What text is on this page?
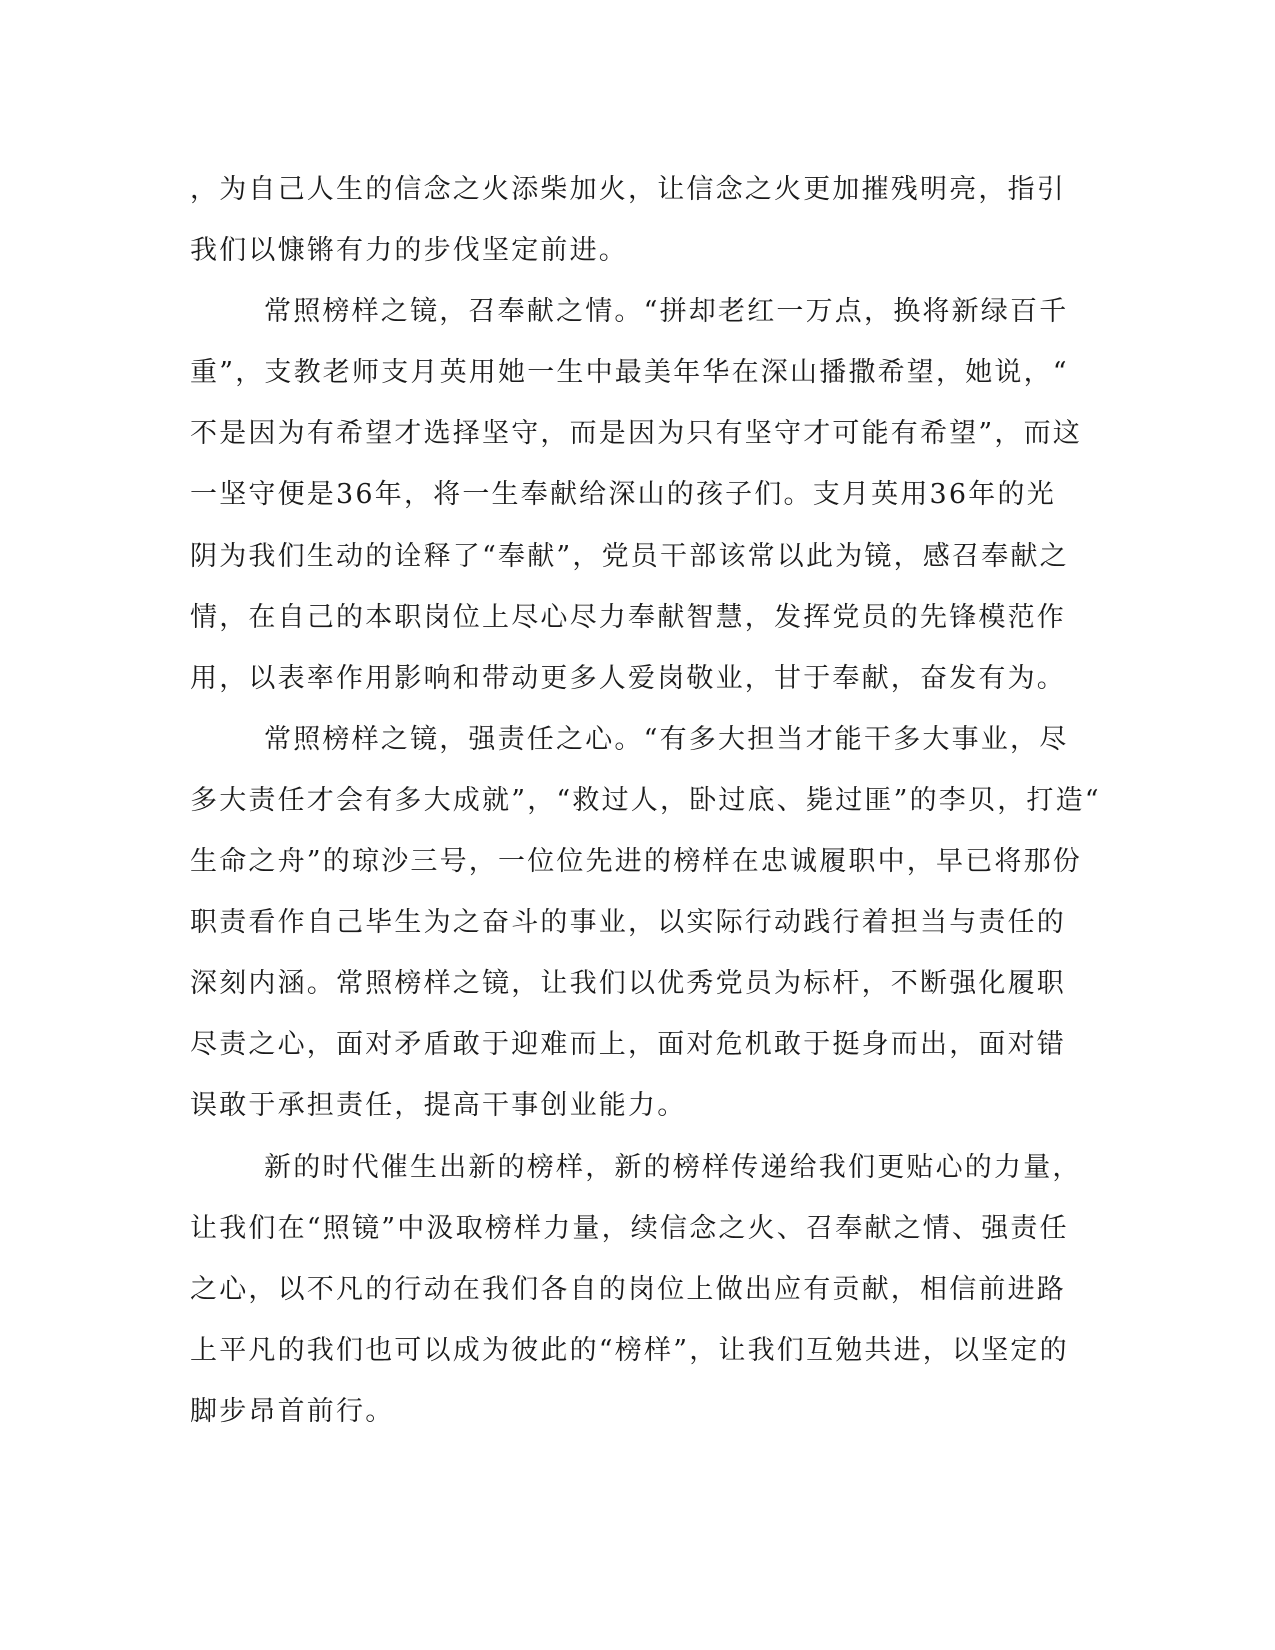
，为自己人生的信念之火添柴加火，让信念之火更加摧残明亮，指引
我们以慷锵有力的步伐坚定前进。
常照榜样之镜，召奉献之情。“拼却老红一万点，换将新绿百千
重”，支教老师支月英用她一生中最美年华在深山播撒希望，她说，“
不是因为有希望才选择坚守，而是因为只有坚守才可能有希望”，而这
一坚守便是36年，将一生奉献给深山的孩子们。支月英用36年的光
阴为我们生动的诠释了“奉献”，党员干部该常以此为镜，感召奉献之
情，在自己的本职岗位上尽心尽力奉献智慧，发挥党员的先锋模范作
用，以表率作用影响和带动更多人爱岗敬业，甘于奉献，奋发有为。
常照榜样之镜，强责任之心。“有多大担当才能干多大事业，尽
多大责任才会有多大成就”，“救过人，卧过底、毙过匪”的李贝，打造“
生命之舟”的琼沙三号，一位位先进的榜样在忠诚履职中，早已将那份
职责看作自己毕生为之奋斗的事业，以实际行动践行着担当与责任的
深刻内涵。常照榜样之镜，让我们以优秀党员为标杆，不断强化履职
尽责之心，面对矛盾敢于迎难而上，面对危机敢于挺身而出，面对错
误敢于承担责任，提高干事创业能力。
新的时代催生出新的榜样，新的榜样传递给我们更贴心的力量，
让我们在“照镜”中汲取榜样力量，续信念之火、召奉献之情、强责任
之心，以不凡的行动在我们各自的岗位上做出应有贡献，相信前进路
上平凡的我们也可以成为彼此的“榜样”，让我们互勉共进，以坚定的
脚步昂首前行。
